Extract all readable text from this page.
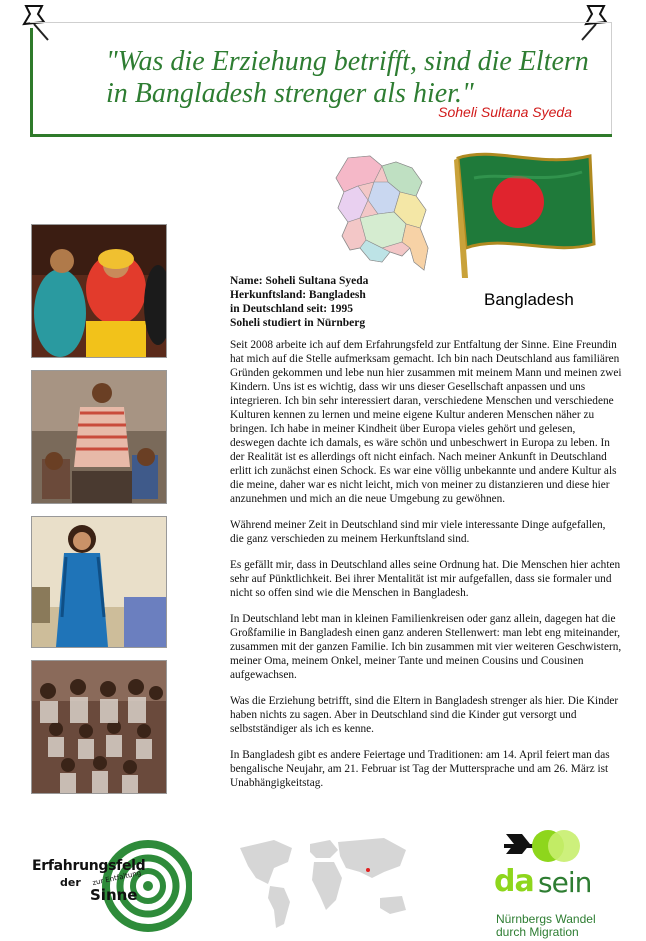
"Was die Erziehung betrifft, sind die Eltern
in Bangladesh strenger als hier."
Soheli Sultana Syeda
Bangladesh
Name: Soheli Sultana Syeda
Herkunftsland: Bangladesh
in Deutschland seit: 1995
Soheli studiert in Nürnberg

Seit 2008 arbeite ich auf dem Erfahrungsfeld zur Entfaltung der Sinne. Eine Freundin hat mich auf die Stelle aufmerksam gemacht. Ich bin nach Deutschland aus familiären Gründen gekommen und lebe nun hier zusammen mit meinem Mann und meinen zwei Kindern. Uns ist es wichtig, dass wir uns dieser Gesellschaft anpassen und uns integrieren. Ich bin sehr interessiert daran, verschiedene Menschen und verschiedene Kulturen kennen zu lernen und meine eigene Kultur anderen Menschen näher zu bringen. Ich habe in meiner Kindheit über Europa vieles gehört und gelesen, deswegen dachte ich damals, es wäre schön und unbeschwert in Europa zu leben. In der Realität ist es allerdings oft nicht einfach. Nach meiner Ankunft in Deutschland erlitt ich zunächst einen Schock. Es war eine völlig unbekannte und andere Kultur als die meine, daher war es nicht leicht, mich von meiner zu distanzieren und diese hier anzunehmen und mich an die neue Umgebung zu gewöhnen.

Während meiner Zeit in Deutschland sind mir viele interessante Dinge aufgefallen, die ganz verschieden zu meinem Herkunftsland sind.

Es gefällt mir, dass in Deutschland alles seine Ordnung hat. Die Menschen hier achten sehr auf Pünktlichkeit. Bei ihrer Mentalität ist mir aufgefallen, dass sie formaler und nicht so offen sind wie die Menschen in Bangladesh.

In Deutschland lebt man in kleinen Familienkreisen oder ganz allein, dagegen hat die Großfamilie in Bangladesh einen ganz anderen Stellenwert: man lebt eng miteinander, zusammen mit der ganzen Familie. Ich bin zusammen mit vier weiteren Geschwistern, meiner Oma, meinem Onkel, meiner Tante und meinen Cousins und Cousinen aufgewachsen.

Was die Erziehung betrifft, sind die Eltern in Bangladesh strenger als hier. Die Kinder haben nichts zu sagen. Aber in Deutschland sind die Kinder gut versorgt und selbstständiger als ich es kenne.

In Bangladesh gibt es andere Feiertage und Traditionen: am 14. April feiert man das bengalische Neujahr, am 21. Februar ist Tag der Muttersprache und am 26. März ist Unabhängigkeitstag.

Erfahrungsfeld
der zur Entfaltung
Sinne	da sein
Nürnbergs Wandel
durch Migration
